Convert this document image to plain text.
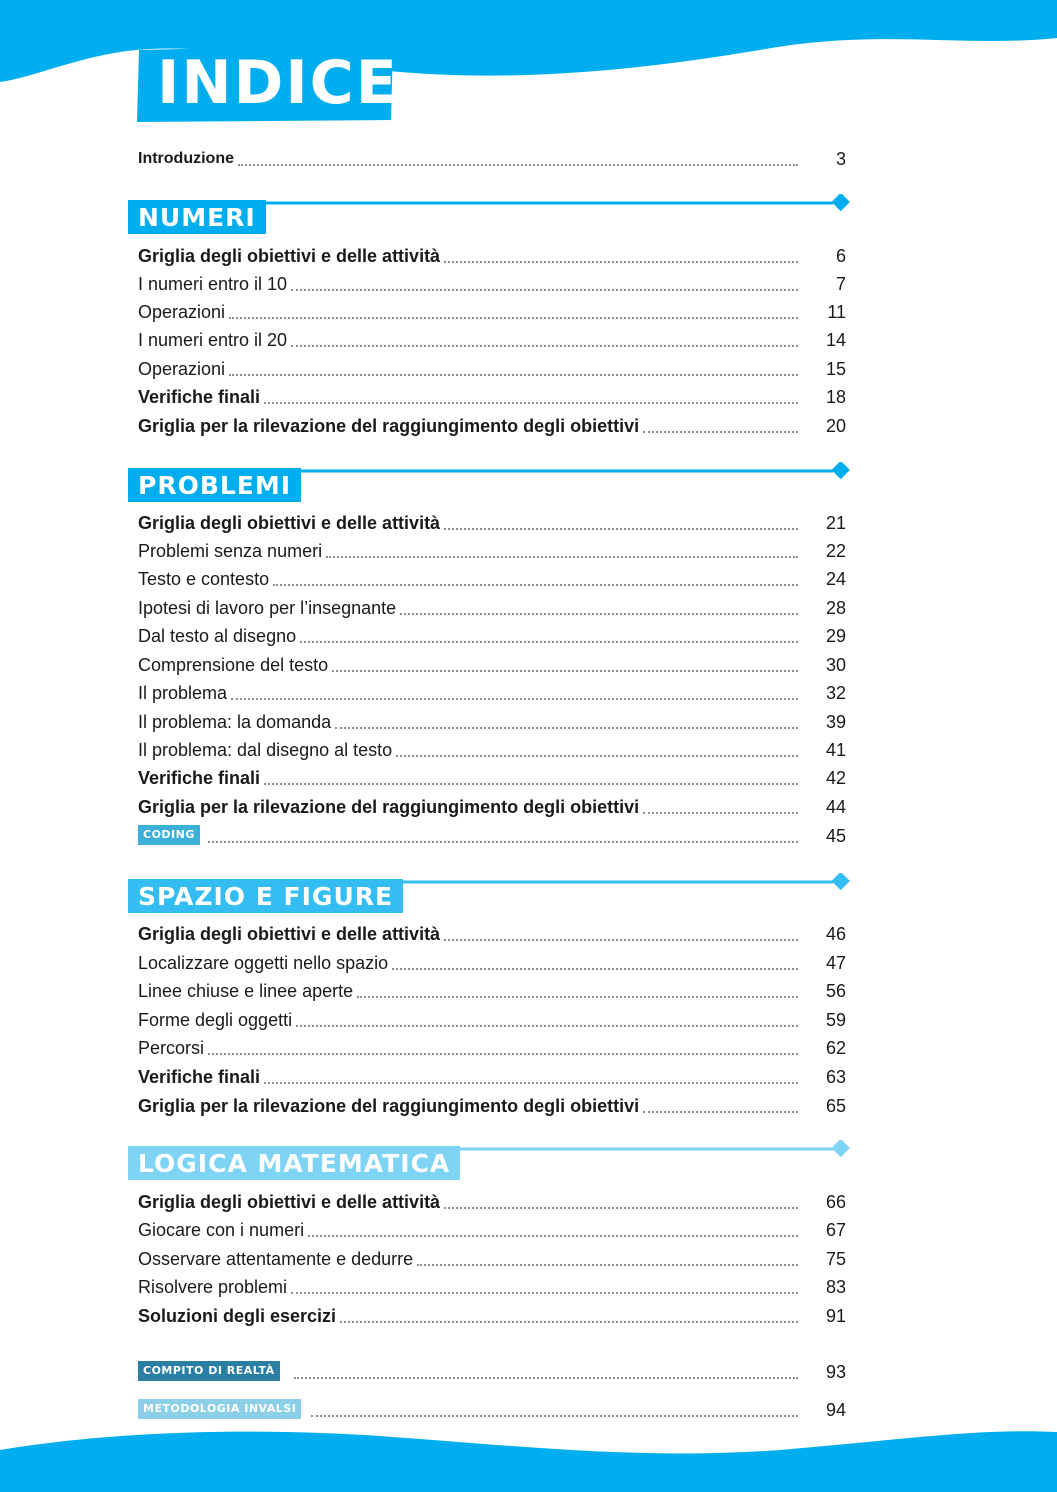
INDICE
Introduzione	3
NUMERI
Griglia degli obiettivi e delle attività	6
I numeri entro il 10	7
Operazioni	11
I numeri entro il 20	14
Operazioni	15
Verifiche finali	18
Griglia per la rilevazione del raggiungimento degli obiettivi	20
PROBLEMI
Griglia degli obiettivi e delle attività	21
Problemi senza numeri	22
Testo e contesto	24
Ipotesi di lavoro per l’insegnante	28
Dal testo al disegno	29
Comprensione del testo	30
Il problema	32
Il problema: la domanda	39
Il problema: dal disegno al testo	41
Verifiche finali	42
Griglia per la rilevazione del raggiungimento degli obiettivi	44
CODING	45
SPAZIO E FIGURE
Griglia degli obiettivi e delle attività	46
Localizzare oggetti nello spazio	47
Linee chiuse e linee aperte	56
Forme degli oggetti	59
Percorsi	62
Verifiche finali	63
Griglia per la rilevazione del raggiungimento degli obiettivi	65
LOGICA MATEMATICA
Griglia degli obiettivi e delle attività	66
Giocare con i numeri	67
Osservare attentamente e dedurre	75
Risolvere problemi	83
Soluzioni degli esercizi	91
COMPITO DI REALTÀ	93
METODOLOGIA INVALSI	94
